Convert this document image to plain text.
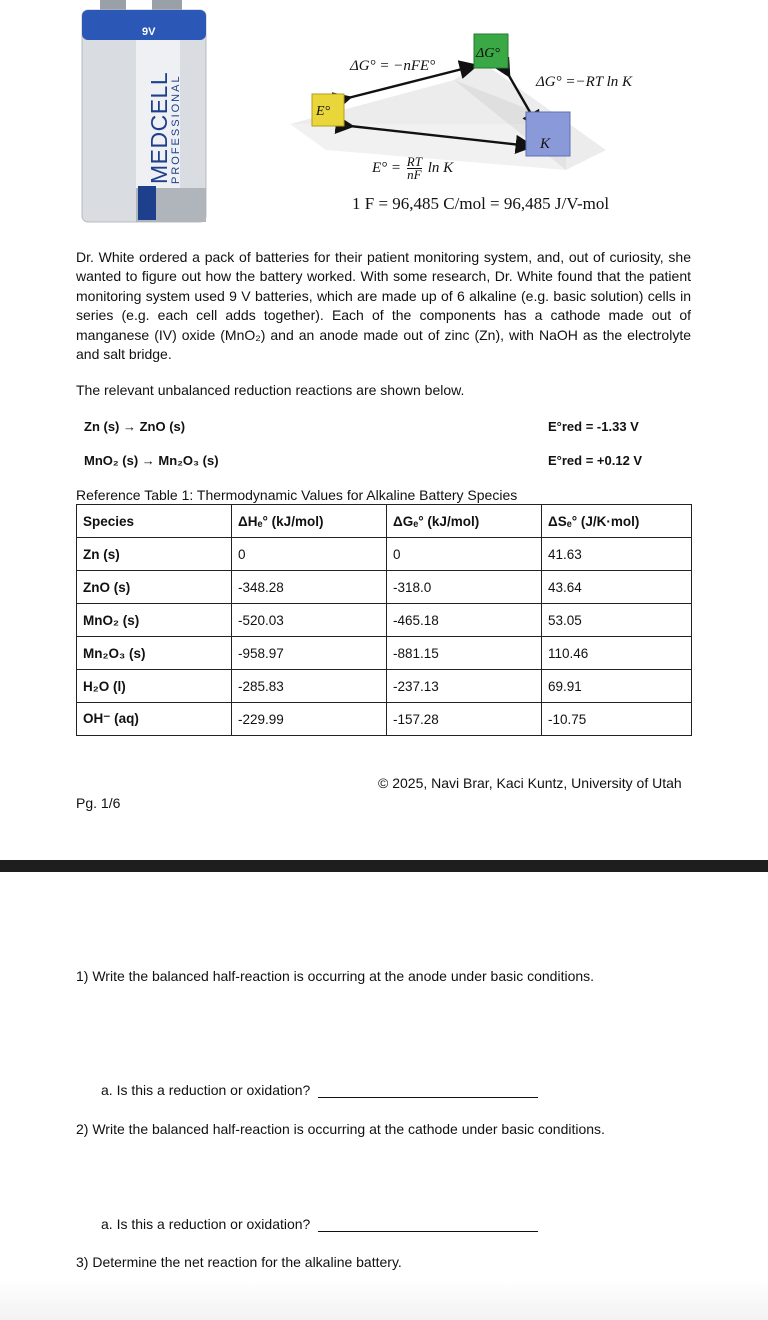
9V
MEDCELL
PROFESSIONAL	E°
ΔG°
K
ΔG° = −nFE°
ΔG° =−RT ln K
$E^\circ = \frac{RT}{nF}$ ln K
1 F = 96,485 C/mol = 96,485 J/V-mol
Dr. White ordered a pack of batteries for their patient monitoring system, and, out of curiosity, she wanted to figure out how the battery worked. With some research, Dr. White found that the patient monitoring system used 9 V batteries, which are made up of 6 alkaline (e.g. basic solution) cells in series (e.g. each cell adds together). Each of the components has a cathode made out of manganese (IV) oxide (MnO₂) and an anode made out of zinc (Zn), with NaOH as the electrolyte and salt bridge.
The relevant unbalanced reduction reactions are shown below.
Zn (s) → ZnO (s)	E°red = -1.33 V
MnO₂ (s) → Mn₂O₃ (s)	E°red = +0.12 V
Reference Table 1: Thermodynamic Values for Alkaline Battery Species
Species	ΔHₑ° (kJ/mol)	ΔGₑ° (kJ/mol)	ΔSₑ° (J/K·mol)
Zn (s)	0	0	41.63
ZnO (s)	-348.28	-318.0	43.64
MnO₂ (s)	-520.03	-465.18	53.05
Mn₂O₃ (s)	-958.97	-881.15	110.46
H₂O (l)	-285.83	-237.13	69.91
OH⁻ (aq)	-229.99	-157.28	-10.75
© 2025, Navi Brar, Kaci Kuntz, University of Utah
Pg. 1/6
1) Write the balanced half-reaction is occurring at the anode under basic conditions.
a. Is this a reduction or oxidation?
2) Write the balanced half-reaction is occurring at the cathode under basic conditions.
a. Is this a reduction or oxidation?
3) Determine the net reaction for the alkaline battery.
